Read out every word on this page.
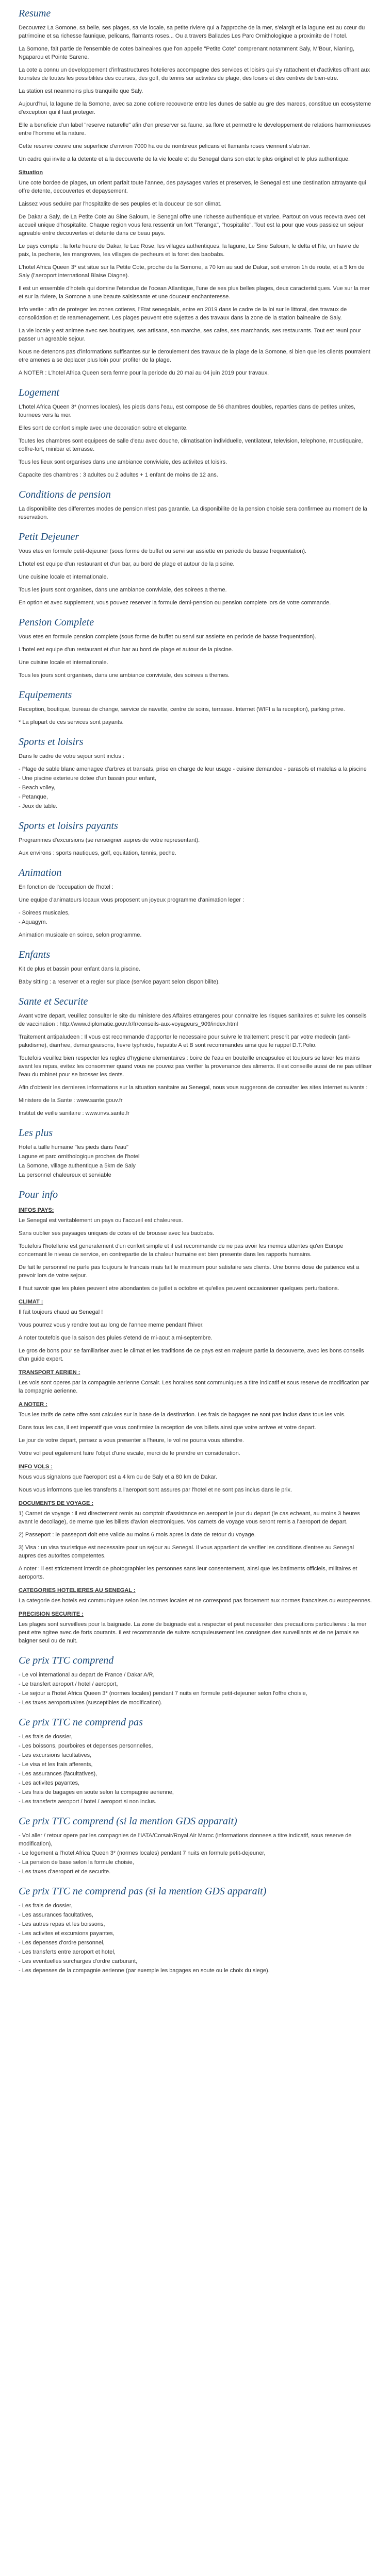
Resume

Decouvrez La Somone, sa belle, ses plages, sa vie locale, sa petite riviere qui a l'approche de la mer, s'elargit et la lagune est au cœur du patrimoine et sa richesse faunique, pelicans, flamants roses... Ou a travers Ballades Les Parc Ornithologique a proximite de l'hotel.

La Somone, fait partie de l'ensemble de cotes balneaires que l'on appelle "Petite Cote" comprenant notamment Saly, M'Bour, Nianing, Ngaparou et Pointe Sarene.

La cote a connu un developpement d'infrastructures hotelieres accompagne des services et loisirs qui s'y rattachent et d'activites offrant aux touristes de toutes les possibilites des courses, des golf, du tennis sur activites de plage, des loisirs et des centres de bien-etre.

La station est neanmoins plus tranquille que Saly.

Aujourd'hui, la lagune de la Somone, avec sa zone cotiere recouverte entre les dunes de sable au gre des marees, constitue un ecosysteme d'exception qui il faut proteger.

Elle a beneficie d'un label "reserve naturelle" afin d'en preserver sa faune, sa flore et permettre le developpement de relations harmonieuses entre l'homme et la nature.

Cette reserve couvre une superficie d'environ 7000 ha ou de nombreux pelicans et flamants roses viennent s'abriter.

Un cadre qui invite a la detente et a la decouverte de la vie locale et du Senegal dans son etat le plus originel et le plus authentique.

Situation

Une cote bordee de plages, un orient parfait toute l'annee, des paysages varies et preserves, le Senegal est une destination attrayante qui offre detente, decouvertes et depaysement.

Laissez vous seduire par l'hospitalite de ses peuples et la douceur de son climat.

De Dakar a Saly, de La Petite Cote au Sine Saloum, le Senegal offre une richesse authentique et variee. Partout on vous recevra avec cet accueil unique d'hospitalite. Chaque region vous fera ressentir un fort "Teranga", "hospitalite". Tout est la pour que vous passiez un sejour agreable entre decouvertes et detente dans ce beau pays.

Le pays compte : la forte heure de Dakar, le Lac Rose, les villages authentiques, la lagune, Le Sine Saloum, le delta et l'ile, un havre de paix, la pecherie, les mangroves, les villages de pecheurs et la foret des baobabs.

L'hotel Africa Queen 3* est situe sur la Petite Cote, proche de la Somone, a 70 km au sud de Dakar, soit environ 1h de route, et a 5 km de Saly (l'aeroport international Blaise Diagne).

Il est un ensemble d'hotels qui domine l'etendue de l'ocean Atlantique, l'une de ses plus belles plages, deux caracteristiques. Vue sur la mer et sur la riviere, la Somone a une beaute saisissante et une douceur enchanteresse.

Info verite : afin de proteger les zones cotieres, l'Etat senegalais, entre en 2019 dans le cadre de la loi sur le littoral, des travaux de consolidation et de reamenagement. Les plages peuvent etre sujettes a des travaux dans la zone de la station balneaire de Saly.

La vie locale y est animee avec ses boutiques, ses artisans, son marche, ses cafes, ses marchands, ses restaurants. Tout est reuni pour passer un agreable sejour.

Nous ne detenons pas d'informations suffisantes sur le deroulement des travaux de la plage de la Somone, si bien que les clients pourraient etre amenes a se deplacer plus loin pour profiter de la plage.

A NOTER : L'hotel Africa Queen sera ferme pour la periode du 20 mai au 04 juin 2019 pour travaux.

Logement

L'hotel Africa Queen 3* (normes locales), les pieds dans l'eau, est compose de 56 chambres doubles, reparties dans de petites unites, tournees vers la mer.

Elles sont de confort simple avec une decoration sobre et elegante.

Toutes les chambres sont equipees de salle d'eau avec douche, climatisation individuelle, ventilateur, television, telephone, moustiquaire, coffre-fort, minibar et terrasse.

Tous les lieux sont organises dans une ambiance conviviale, des activites et loisirs.

Capacite des chambres : 3 adultes ou 2 adultes + 1 enfant de moins de 12 ans.

Conditions de pension

La disponibilite des differentes modes de pension n'est pas garantie. La disponibilite de la pension choisie sera confirmee au moment de la reservation.

Petit Dejeuner

Vous etes en formule petit-dejeuner (sous forme de buffet ou servi sur assiette en periode de basse frequentation).

L'hotel est equipe d'un restaurant et d'un bar, au bord de plage et autour de la piscine.

Une cuisine locale et internationale.

Tous les jours sont organises, dans une ambiance conviviale, des soirees a theme.

En option et avec supplement, vous pouvez reserver la formule demi-pension ou pension complete lors de votre commande.

Pension Complete

Vous etes en formule pension complete (sous forme de buffet ou servi sur assiette en periode de basse frequentation).

L'hotel est equipe d'un restaurant et d'un bar au bord de plage et autour de la piscine.

Une cuisine locale et internationale.

Tous les jours sont organises, dans une ambiance conviviale, des soirees a themes.

Equipements

Reception, boutique, bureau de change, service de navette, centre de soins, terrasse. Internet (WIFI a la reception), parking prive.

* La plupart de ces services sont payants.

Sports et loisirs

Dans le cadre de votre sejour sont inclus :

- Plage de sable blanc amenagee d'arbres et transats, prise en charge de leur usage - cuisine demandee - parasols et matelas a la piscine
- Une piscine exterieure dotee d'un bassin pour enfant,
- Beach volley,
- Petanque,
- Jeux de table.
Sports et loisirs payants

Programmes d'excursions (se renseigner aupres de votre representant).

Aux environs : sports nautiques, golf, equitation, tennis, peche.

Animation

En fonction de l'occupation de l'hotel :

Une equipe d'animateurs locaux vous proposent un joyeux programme d'animation leger :

- Soirees musicales,
- Aquagym.

Animation musicale en soiree, selon programme.

Enfants

Kit de plus et bassin pour enfant dans la piscine.

Baby sitting : a reserver et a regler sur place (service payant selon disponibilite).

Sante et Securite

Avant votre depart, veuillez consulter le site du ministere des Affaires etrangeres pour connaitre les risques sanitaires et suivre les conseils de vaccination : http://www.diplomatie.gouv.fr/fr/conseils-aux-voyageurs_909/index.html

Traitement antipaludeen : Il vous est recommande d'apporter le necessaire pour suivre le traitement prescrit par votre medecin (anti-paludisme), diarrhee, demangeaisons, fievre typhoide, hepatite A et B sont recommandes ainsi que le rappel D.T.Polio.

Toutefois veuillez bien respecter les regles d'hygiene elementaires : boire de l'eau en bouteille encapsulee et toujours se laver les mains avant les repas, evitez les consommer quand vous ne pouvez pas verifier la provenance des aliments. Il est conseille aussi de ne pas utiliser l'eau du robinet pour se brosser les dents.

Afin d'obtenir les dernieres informations sur la situation sanitaire au Senegal, nous vous suggerons de consulter les sites Internet suivants :

Ministere de la Sante : www.sante.gouv.fr

Institut de veille sanitaire : www.invs.sante.fr

Les plus
Hotel a taille humaine "les pieds dans l'eau"
Lagune et parc ornithologique proches de l'hotel
La Somone, village authentique a 5km de Saly
La personnel chaleureux et serviable
Pour info
INFOS PAYS:

Le Senegal est veritablement un pays ou l'accueil est chaleureux.

Sans oublier ses paysages uniques de cotes et de brousse avec les baobabs.

Toutefois l'hotellerie est generalement d'un confort simple et il est recommande de ne pas avoir les memes attentes qu'en Europe concernant le niveau de service, en contrepartie de la chaleur humaine est bien presente dans les rapports humains.

De fait le personnel ne parle pas toujours le francais mais fait le maximum pour satisfaire ses clients. Une bonne dose de patience est a prevoir lors de votre sejour.

Il faut savoir que les pluies peuvent etre abondantes de juillet a octobre et qu'elles peuvent occasionner quelques perturbations.

CLIMAT :

Il fait toujours chaud au Senegal !

Vous pourrez vous y rendre tout au long de l'annee meme pendant l'hiver.

A noter toutefois que la saison des pluies s'etend de mi-aout a mi-septembre.

Le gros de bons pour se familiariser avec le climat et les traditions de ce pays est en majeure partie la decouverte, avec les bons conseils d'un guide expert.

TRANSPORT AERIEN :

Les vols sont operes par la compagnie aerienne Corsair. Les horaires sont communiques a titre indicatif et sous reserve de modification par la compagnie aerienne.

A NOTER :

Tous les tarifs de cette offre sont calcules sur la base de la destination. Les frais de bagages ne sont pas inclus dans tous les vols.

Dans tous les cas, il est imperatif que vous confirmiez la reception de vos billets ainsi que votre arrivee et votre depart.

Le jour de votre depart, pensez a vous presenter a l'heure, le vol ne pourra vous attendre.

Votre vol peut egalement faire l'objet d'une escale, merci de le prendre en consideration.

INFO VOLS :

Nous vous signalons que l'aeroport est a 4 km ou de Saly et a 80 km de Dakar.

Nous vous informons que les transferts a l'aeroport sont assures par l'hotel et ne sont pas inclus dans le prix.

DOCUMENTS DE VOYAGE :

1) Carnet de voyage : il est directement remis au comptoir d'assistance en aeroport le jour du depart (le cas echeant, au moins 3 heures avant le decollage), de meme que les billets d'avion electroniques. Vos carnets de voyage vous seront remis a l'aeroport de depart.

2) Passeport : le passeport doit etre valide au moins 6 mois apres la date de retour du voyage.

3) Visa : un visa touristique est necessaire pour un sejour au Senegal. Il vous appartient de verifier les conditions d'entree au Senegal aupres des autorites competentes.

A noter : il est strictement interdit de photographier les personnes sans leur consentement, ainsi que les batiments officiels, militaires et aeroports.

CATEGORIES HOTELIERES AU SENEGAL :

La categorie des hotels est communiquee selon les normes locales et ne correspond pas forcement aux normes francaises ou europeennes.

PRECISION SECURITE :

Les plages sont surveillees pour la baignade. La zone de baignade est a respecter et peut necessiter des precautions particulieres : la mer peut etre agitee avec de forts courants. Il est recommande de suivre scrupuleusement les consignes des surveillants et de ne jamais se baigner seul ou de nuit.

Ce prix TTC comprend
- Le vol international au depart de France / Dakar A/R,
- Le transfert aeroport / hotel / aeroport,
- Le sejour a l'hotel Africa Queen 3* (normes locales) pendant 7 nuits en formule petit-dejeuner selon l'offre choisie,
- Les taxes aeroportuaires (susceptibles de modification).
Ce prix TTC ne comprend pas
- Les frais de dossier,
- Les boissons, pourboires et depenses personnelles,
- Les excursions facultatives,
- Le visa et les frais afferents,
- Les assurances (facultatives),
- Les activites payantes,
- Les frais de bagages en soute selon la compagnie aerienne,
- Les transferts aeroport / hotel / aeroport si non inclus.
Ce prix TTC comprend (si la mention GDS apparait)
- Vol aller / retour opere par les compagnies de l'IATA/Corsair/Royal Air Maroc (informations donnees a titre indicatif, sous reserve de modification),
- Le logement a l'hotel Africa Queen 3* (normes locales) pendant 7 nuits en formule petit-dejeuner,
- La pension de base selon la formule choisie,
- Les taxes d'aeroport et de securite.
Ce prix TTC ne comprend pas (si la mention GDS apparait)
- Les frais de dossier,
- Les assurances facultatives,
- Les autres repas et les boissons,
- Les activites et excursions payantes,
- Les depenses d'ordre personnel,
- Les transferts entre aeroport et hotel,
- Les eventuelles surcharges d'ordre carburant,
- Les depenses de la compagnie aerienne (par exemple les bagages en soute ou le choix du siege).
